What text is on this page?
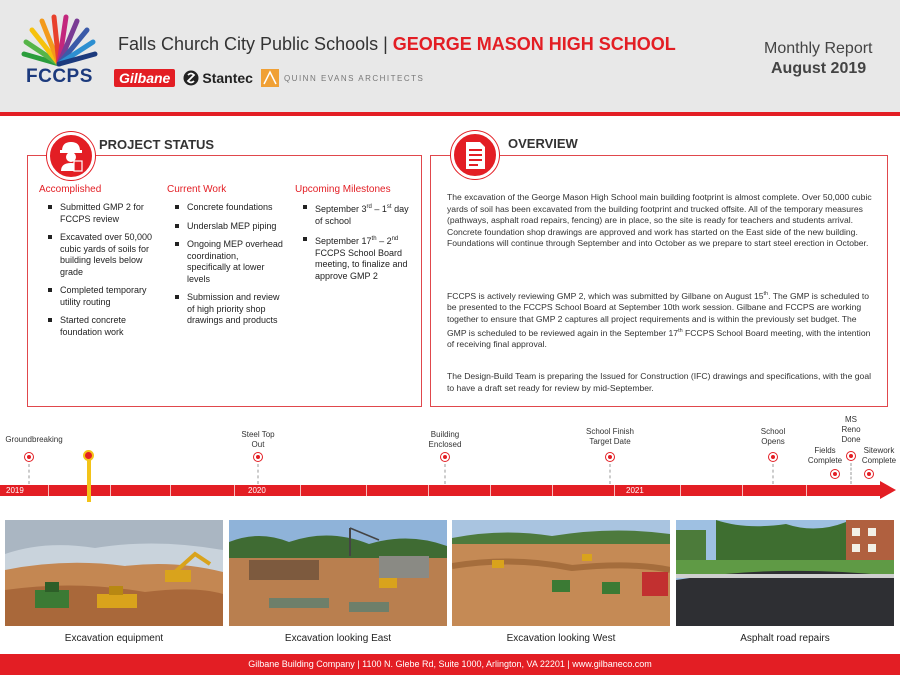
FCCPS
Falls Church City Public Schools | GEORGE MASON HIGH SCHOOL
Gilbane	Stantec	QUINN EVANS ARCHITECTS
Monthly Report
August 2019
PROJECT STATUS
Accomplished
Submitted GMP 2 for FCCPS review
Excavated over 50,000 cubic yards of soils for building levels below grade
Completed temporary utility routing
Started concrete foundation work
Current Work
Concrete foundations
Underslab MEP piping
Ongoing MEP overhead coordination, specifically at lower levels
Submission and review of high priority shop drawings and products
Upcoming Milestones
September 3rd – 1st day of school
September 17th – 2nd FCCPS School Board meeting, to finalize and approve GMP 2
OVERVIEW

The excavation of the George Mason High School main building footprint is almost complete. Over 50,000 cubic yards of soil has been excavated from the building footprint and trucked offsite. All of the temporary measures (pathways, asphalt road repairs, fencing) are in place, so the site is ready for teachers and students arrival. Concrete foundation shop drawings are approved and work has started on the East side of the new building. Foundations will continue through September and into October as we prepare to start steel erection in October.

FCCPS is actively reviewing GMP 2, which was submitted by Gilbane on August 15th. The GMP is scheduled to be presented to the FCCPS School Board at September 10th work session. Gilbane and FCCPS are working together to ensure that GMP 2 captures all project requirements and is within the previously set budget. The GMP is scheduled to be reviewed again in the September 17th FCCPS School Board meeting, with the intention of receiving final approval.

The Design-Build Team is preparing the Issued for Construction (IFC) drawings and specifications, with the goal to have a draft set ready for review by mid-September.

2019	2020	2021
Groundbreaking
Steel Top Out
Building Enclosed
School Finish Target Date
School Opens
Fields Complete
MS Reno Done
Sitework Complete
Excavation equipment	Excavation looking East	Excavation looking West	Asphalt road repairs
Gilbane Building Company | 1100 N. Glebe Rd, Suite 1000, Arlington, VA 22201 | www.gilbaneco.com
